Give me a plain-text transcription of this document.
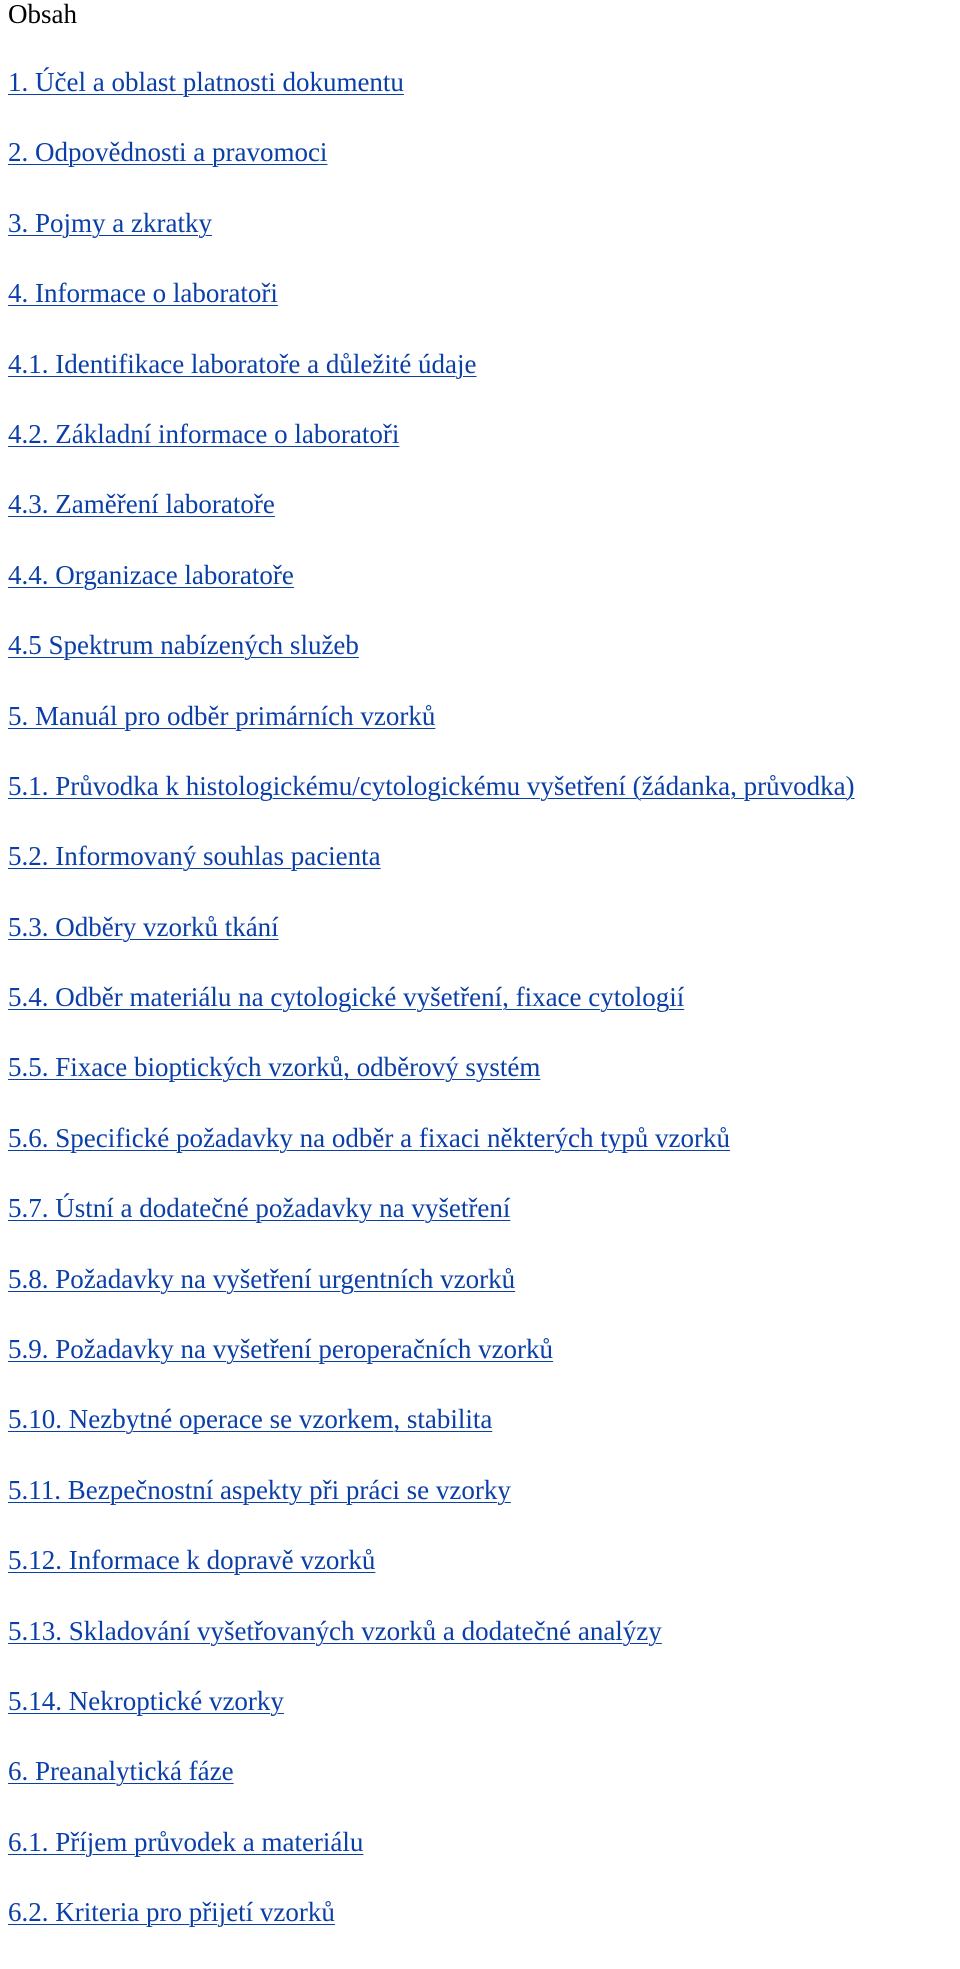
Obsah
1. Účel a oblast platnosti dokumentu
2. Odpovědnosti a pravomoci
3. Pojmy a zkratky
4. Informace o laboratoři
4.1. Identifikace laboratoře a důležité údaje
4.2. Základní informace o laboratoři
4.3. Zaměření laboratoře
4.4. Organizace laboratoře
4.5 Spektrum nabízených služeb
5. Manuál pro odběr primárních vzorků
5.1. Průvodka k histologickému/cytologickému vyšetření (žádanka, průvodka)
5.2. Informovaný souhlas pacienta
5.3. Odběry vzorků tkání
5.4. Odběr materiálu na cytologické vyšetření, fixace cytologií
5.5. Fixace bioptických vzorků, odběrový systém
5.6. Specifické požadavky na odběr a fixaci některých typů vzorků
5.7. Ústní a dodatečné požadavky na vyšetření
5.8. Požadavky na vyšetření urgentních vzorků
5.9. Požadavky na vyšetření peroperačních vzorků
5.10. Nezbytné operace se vzorkem, stabilita
5.11. Bezpečnostní aspekty při práci se vzorky
5.12. Informace k dopravě vzorků
5.13. Skladování vyšetřovaných vzorků a dodatečné analýzy
5.14. Nekroptické vzorky
6. Preanalytická fáze
6.1. Příjem průvodek a materiálu
6.2. Kriteria pro přijetí vzorků
